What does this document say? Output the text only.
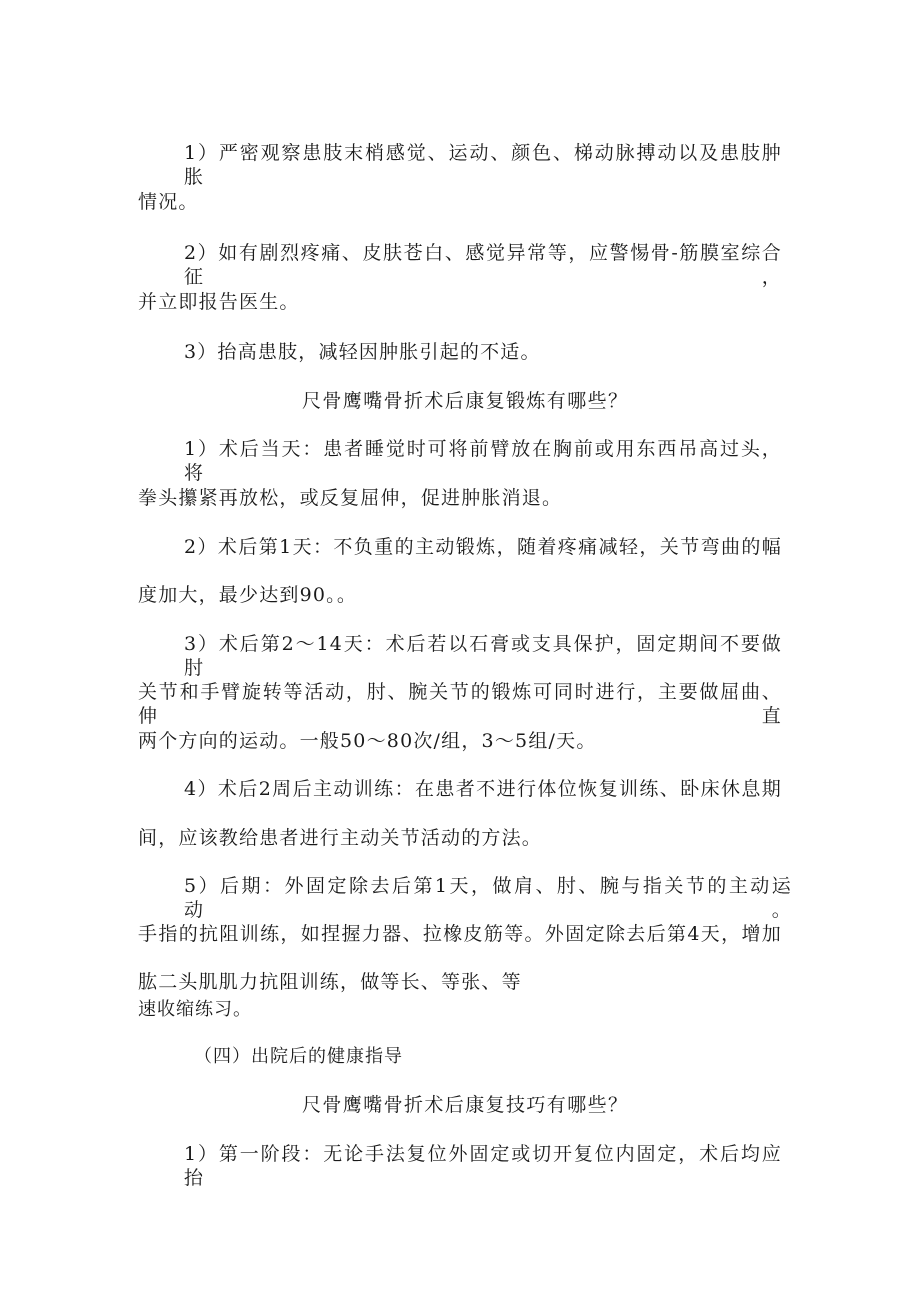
1）严密观察患肢末梢感觉、运动、颜色、梯动脉搏动以及患肢肿胀
情况。
2）如有剧烈疼痛、皮肤苍白、感觉异常等，应警惕骨-筋膜室综合征，
并立即报告医生。
3）抬高患肢，减轻因肿胀引起的不适。
尺骨鹰嘴骨折术后康复锻炼有哪些？
1）术后当天：患者睡觉时可将前臂放在胸前或用东西吊高过头，将
拳头攥紧再放松，或反复屈伸，促进肿胀消退。
2）术后第1天：不负重的主动锻炼，随着疼痛减轻，关节弯曲的幅
度加大，最少达到90。。
3）术后第2～14天：术后若以石膏或支具保护，固定期间不要做肘
关节和手臂旋转等活动，肘、腕关节的锻炼可同时进行，主要做屈曲、伸直
两个方向的运动。一般50～80次/组，3～5组/天。
4）术后2周后主动训练：在患者不进行体位恢复训练、卧床休息期
间，应该教给患者进行主动关节活动的方法。
5）后期：外固定除去后第1天，做肩、肘、腕与指关节的主动运动。
手指的抗阻训练，如捏握力器、拉橡皮筋等。外固定除去后第4天，增加
肱二头肌肌力抗阻训练，做等长、等张、等
速收缩练习。
（四）出院后的健康指导
尺骨鹰嘴骨折术后康复技巧有哪些？
1）第一阶段：无论手法复位外固定或切开复位内固定，术后均应抬
